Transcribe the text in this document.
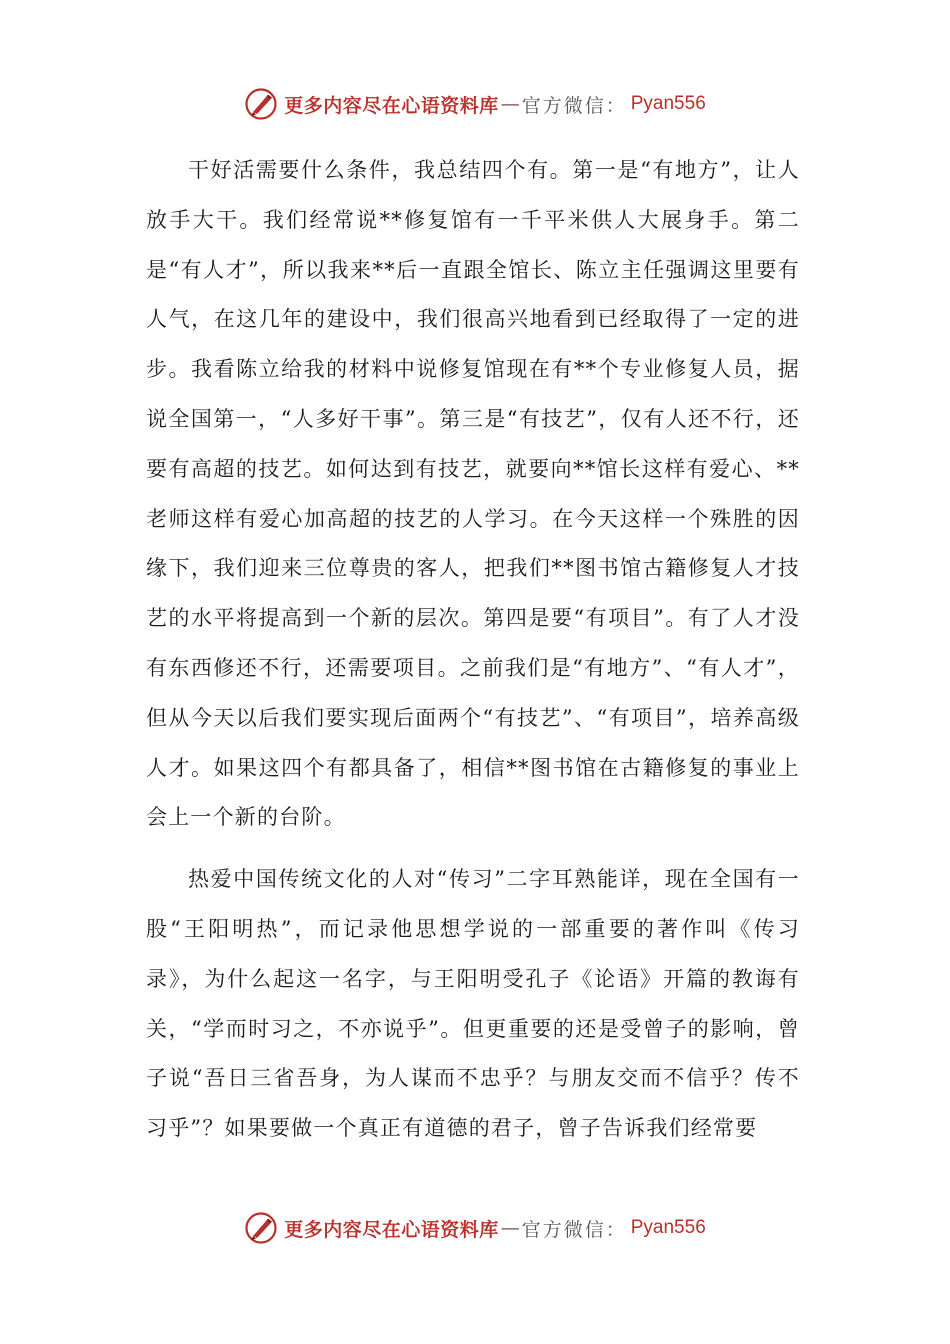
更多内容尽在心语资料库 — 官方微信： Pyan556

干好活需要什么条件，我总结四个有。第一是“有地方”，让人放手大干。我们经常说**修复馆有一千平米供人大展身手。第二是“有人才”，所以我来**后一直跟全馆长、陈立主任强调这里要有人气，在这几年的建设中，我们很高兴地看到已经取得了一定的进步。我看陈立给我的材料中说修复馆现在有**个专业修复人员，据说全国第一，“人多好干事”。第三是“有技艺”，仅有人还不行，还要有高超的技艺。如何达到有技艺，就要向**馆长这样有爱心、**老师这样有爱心加高超的技艺的人学习。在今天这样一个殊胜的因缘下，我们迎来三位尊贵的客人，把我们**图书馆古籍修复人才技艺的水平将提高到一个新的层次。第四是要“有项目”。有了人才没有东西修还不行，还需要项目。之前我们是“有地方”、“有人才”，但从今天以后我们要实现后面两个“有技艺”、“有项目”，培养高级人才。如果这四个有都具备了，相信**图书馆在古籍修复的事业上会上一个新的台阶。

热爱中国传统文化的人对“传习”二字耳熟能详，现在全国有一股“王阳明热”，而记录他思想学说的一部重要的著作叫《传习录》，为什么起这一名字，与王阳明受孔子《论语》开篇的教诲有关，“学而时习之，不亦说乎”。但更重要的还是受曾子的影响，曾子说“吾日三省吾身，为人谋而不忠乎？与朋友交而不信乎？传不习乎”？如果要做一个真正有道德的君子，曾子告诉我们经常要

更多内容尽在心语资料库 — 官方微信： Pyan556
